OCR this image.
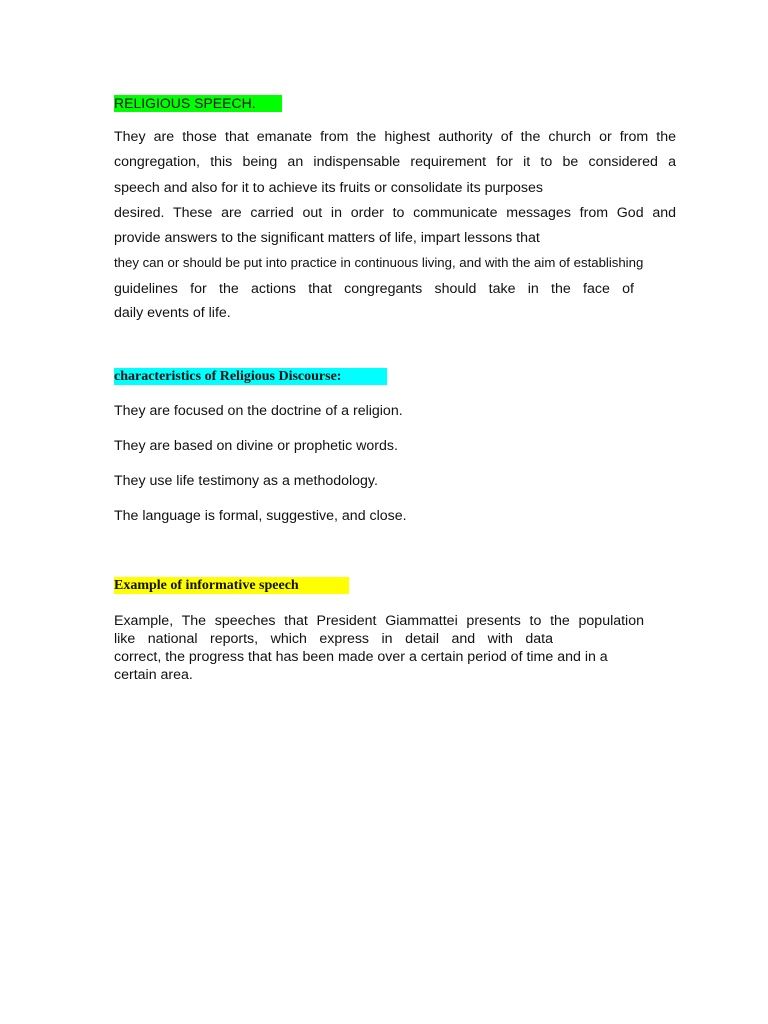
RELIGIOUS SPEECH.
They are those that emanate from the highest authority of the church or from the
congregation, this being an indispensable requirement for it to be considered a
speech and also for it to achieve its fruits or consolidate its purposes
desired. These are carried out in order to communicate messages from God and
provide answers to the significant matters of life, impart lessons that
they can or should be put into practice in continuous living, and with the aim of establishing
guidelines for the actions that congregants should take in the face of
daily events of life.
characteristics of Religious Discourse:
They are focused on the doctrine of a religion.
They are based on divine or prophetic words.
They use life testimony as a methodology.
The language is formal, suggestive, and close.
Example of informative speech
Example, The speeches that President Giammattei presents to the population
like national reports, which express in detail and with data
correct, the progress that has been made over a certain period of time and in a
certain area.
